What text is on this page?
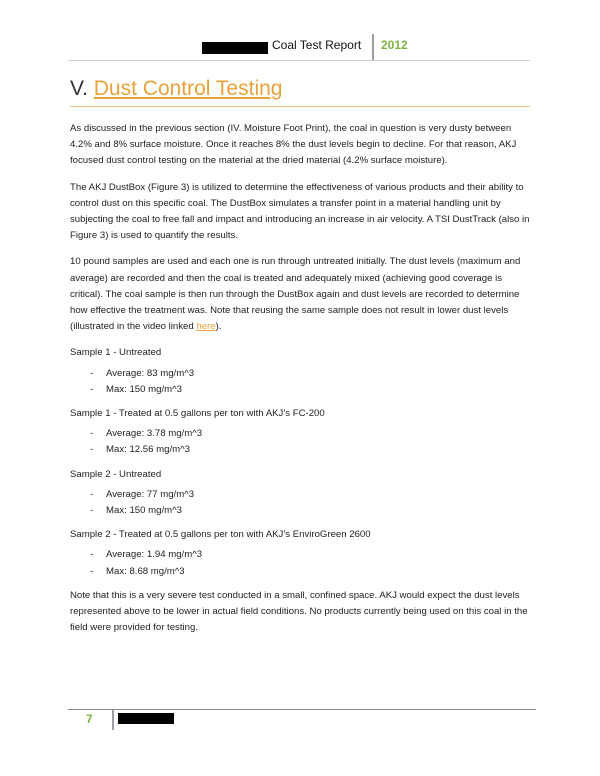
Coal Test Report 2012
V. Dust Control Testing

As discussed in the previous section (IV. Moisture Foot Print), the coal in question is very dusty between 4.2% and 8% surface moisture. Once it reaches 8% the dust levels begin to decline. For that reason, AKJ focused dust control testing on the material at the dried material (4.2% surface moisture).

The AKJ DustBox (Figure 3) is utilized to determine the effectiveness of various products and their ability to control dust on this specific coal. The DustBox simulates a transfer point in a material handling unit by subjecting the coal to free fall and impact and introducing an increase in air velocity. A TSI DustTrack (also in Figure 3) is used to quantify the results.

10 pound samples are used and each one is run through untreated initially. The dust levels (maximum and average) are recorded and then the coal is treated and adequately mixed (achieving good coverage is critical). The coal sample is then run through the DustBox again and dust levels are recorded to determine how effective the treatment was. Note that reusing the same sample does not result in lower dust levels (illustrated in the video linked here).

Sample 1 - Untreated

- Average: 83 mg/m^3
- Max: 150 mg/m^3

Sample 1 - Treated at 0.5 gallons per ton with AKJ’s FC-200

- Average: 3.78 mg/m^3
- Max: 12.56 mg/m^3

Sample 2 - Untreated

- Average: 77 mg/m^3
- Max: 150 mg/m^3

Sample 2 - Treated at 0.5 gallons per ton with AKJ’s EnviroGreen 2600

- Average: 1.94 mg/m^3
- Max: 8.68 mg/m^3

Note that this is a very severe test conducted in a small, confined space. AKJ would expect the dust levels represented above to be lower in actual field conditions. No products currently being used on this coal in the field were provided for testing.

7
